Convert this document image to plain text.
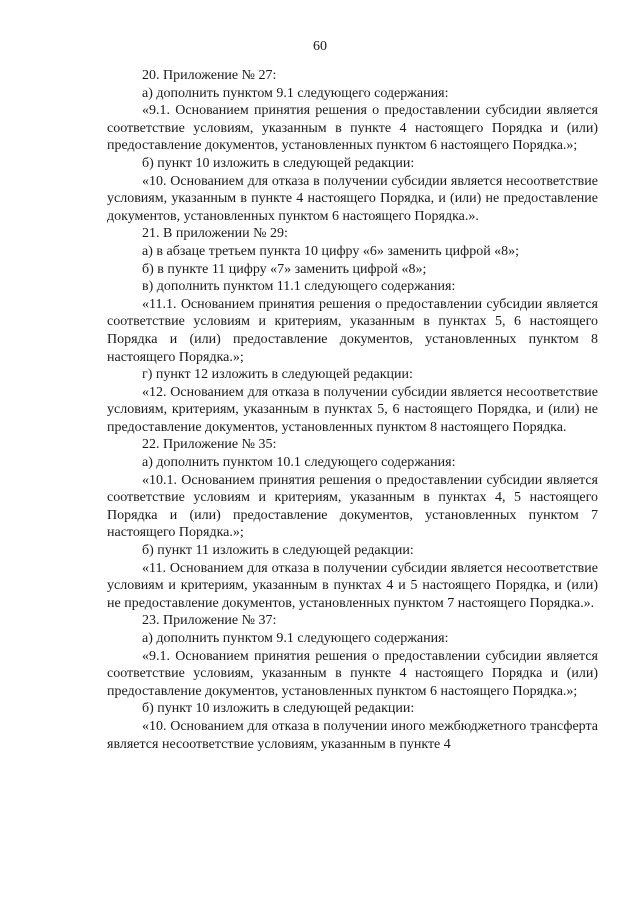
60

20. Приложение № 27:

а) дополнить пунктом 9.1 следующего содержания:

«9.1. Основанием принятия решения о предоставлении субсидии является соответствие условиям, указанным в пункте 4 настоящего Порядка и (или) предоставление документов, установленных пунктом 6 настоящего Порядка.»;

б) пункт 10 изложить в следующей редакции:

«10. Основанием для отказа в получении субсидии является несоответствие условиям, указанным в пункте 4 настоящего Порядка, и (или) не предоставление документов, установленных пунктом 6 настоящего Порядка.».

21. В приложении № 29:

а) в абзаце третьем пункта 10 цифру «6» заменить цифрой «8»;

б) в пункте 11 цифру «7» заменить цифрой «8»;

в) дополнить пунктом 11.1 следующего содержания:

«11.1. Основанием принятия решения о предоставлении субсидии является соответствие условиям и критериям, указанным в пунктах 5, 6 настоящего Порядка и (или) предоставление документов, установленных пунктом 8 настоящего Порядка.»;

г) пункт 12 изложить в следующей редакции:

«12. Основанием для отказа в получении субсидии является несоответствие условиям, критериям, указанным в пунктах 5, 6 настоящего Порядка, и (или) не предоставление документов, установленных пунктом 8 настоящего Порядка.

22. Приложение № 35:

а) дополнить пунктом 10.1 следующего содержания:

«10.1. Основанием принятия решения о предоставлении субсидии является соответствие условиям и критериям, указанным в пунктах 4, 5 настоящего Порядка и (или) предоставление документов, установленных пунктом 7 настоящего Порядка.»;

б) пункт 11 изложить в следующей редакции:

«11. Основанием для отказа в получении субсидии является несоответствие условиям и критериям, указанным в пунктах 4 и 5 настоящего Порядка, и (или) не предоставление документов, установленных пунктом 7 настоящего Порядка.».

23. Приложение № 37:

а) дополнить пунктом 9.1 следующего содержания:

«9.1. Основанием принятия решения о предоставлении субсидии является соответствие условиям, указанным в пункте 4 настоящего Порядка и (или) предоставление документов, установленных пунктом 6 настоящего Порядка.»;

б) пункт 10 изложить в следующей редакции:

«10. Основанием для отказа в получении иного межбюджетного трансферта является несоответствие условиям, указанным в пункте 4
